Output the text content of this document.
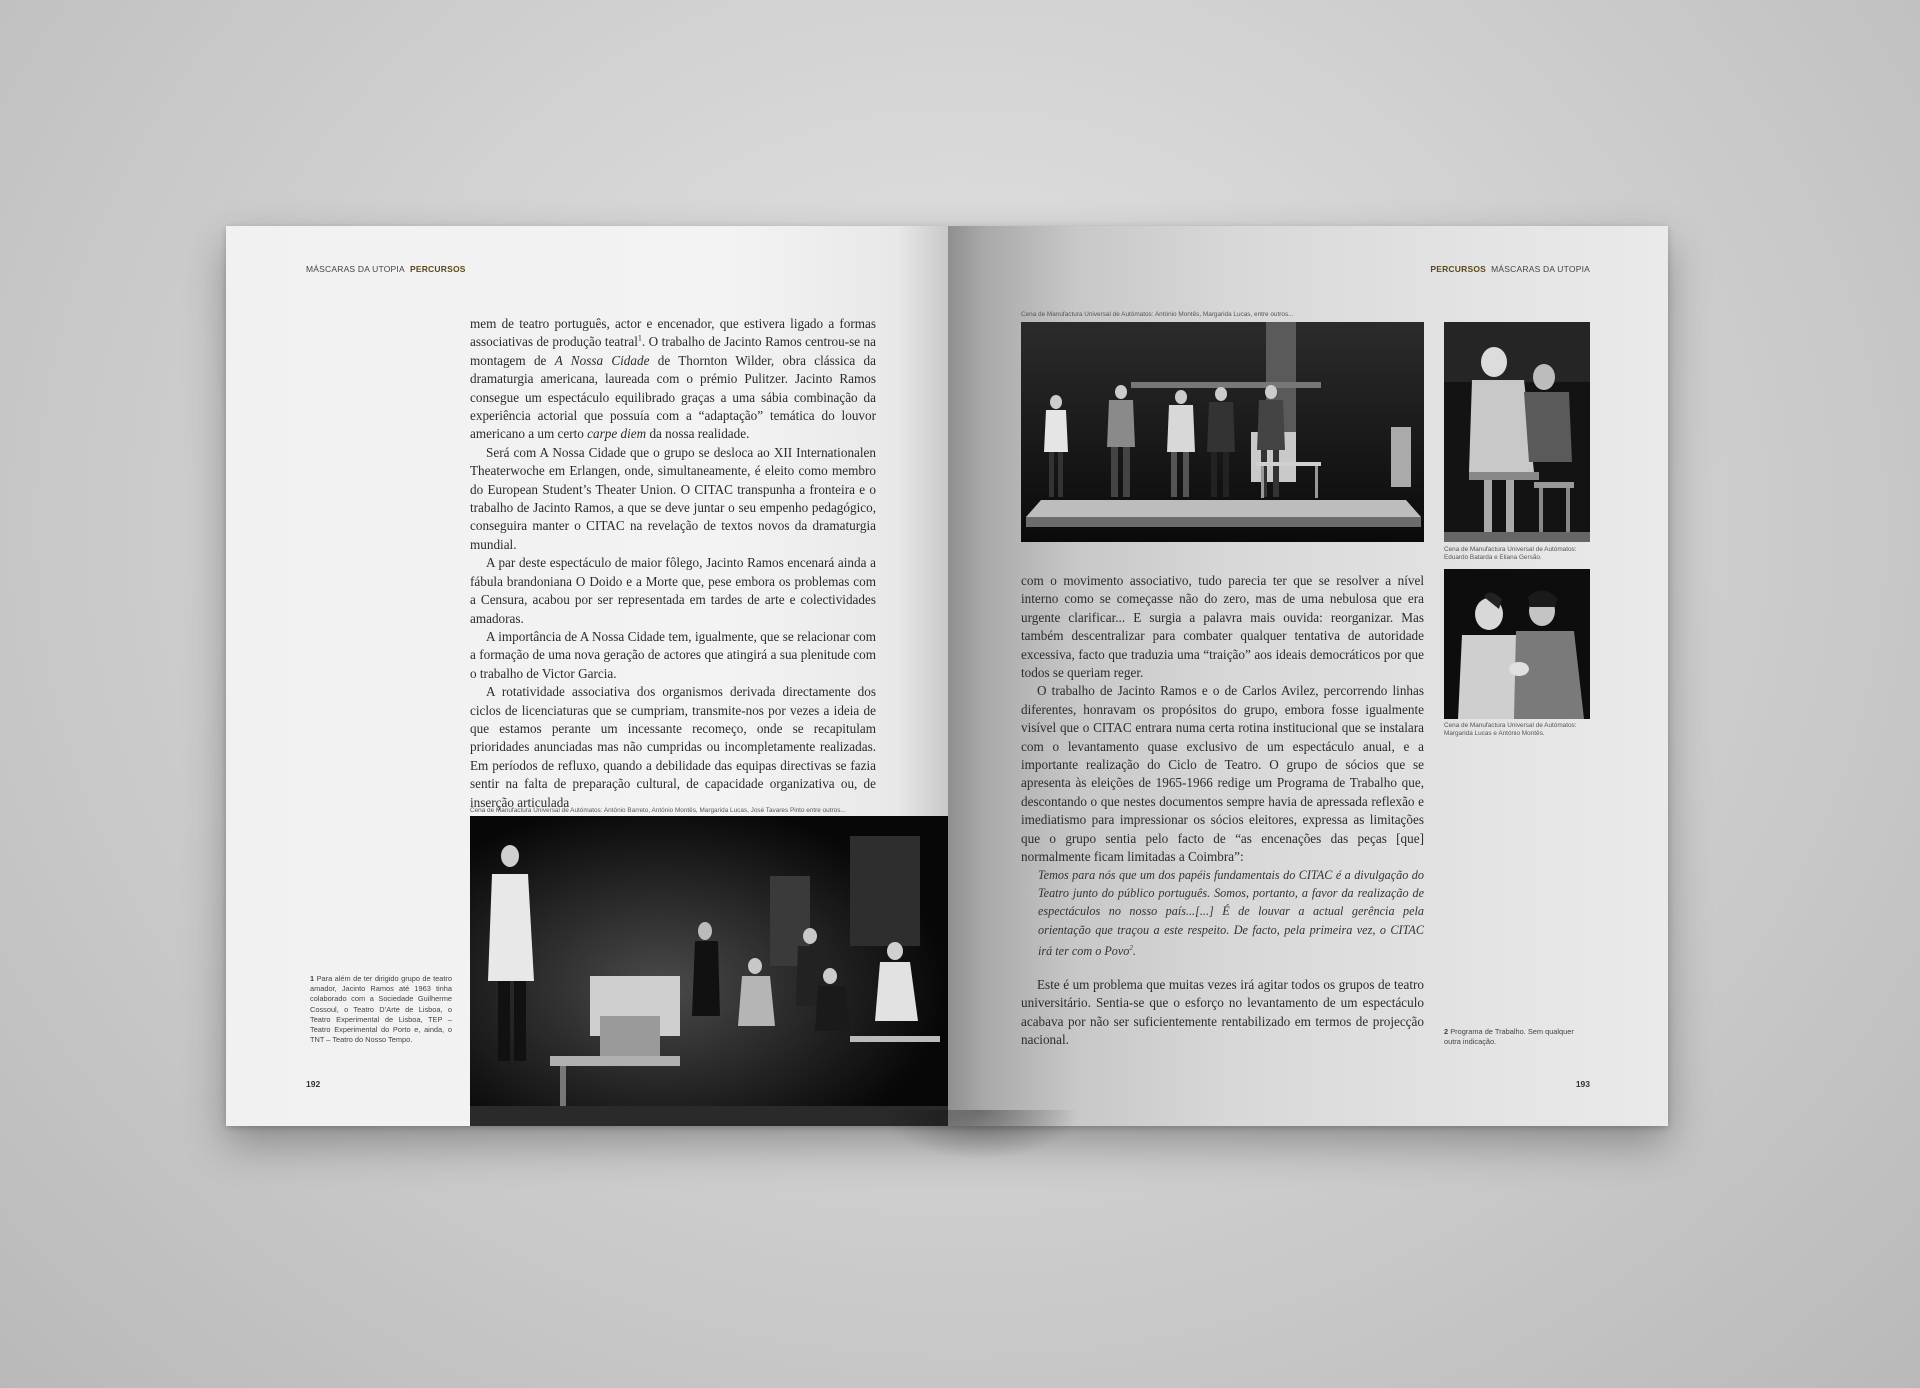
MÁSCARAS DA UTOPIA PERCURSOS

mem de teatro português, actor e encenador, que estivera ligado a formas associativas de produção teatral$^1$. O trabalho de Jacinto Ramos centrou-se na montagem de A Nossa Cidade de Thornton Wilder, obra clássica da dramaturgia americana, laureada com o prémio Pulitzer. Jacinto Ramos consegue um espectáculo equilibrado graças a uma sábia combinação da experiência actorial que possuía com a “adaptação” temática do louvor americano a um certo carpe diem da nossa realidade.

Será com A Nossa Cidade que o grupo se desloca ao XII Internationalen Theaterwoche em Erlangen, onde, simultaneamente, é eleito como membro do European Student’s Theater Union. O CITAC transpunha a fronteira e o trabalho de Jacinto Ramos, a que se deve juntar o seu empenho pedagógico, conseguira manter o CITAC na revelação de textos novos da dramaturgia mundial.

A par deste espectáculo de maior fôlego, Jacinto Ramos encenará ainda a fábula brandoniana O Doido e a Morte que, pese embora os problemas com a Censura, acabou por ser representada em tardes de arte e colectividades amadoras.

A importância de A Nossa Cidade tem, igualmente, que se relacionar com a formação de uma nova geração de actores que atingirá a sua plenitude com o trabalho de Victor Garcia.

A rotatividade associativa dos organismos derivada directamente dos ciclos de licenciaturas que se cumpriam, transmite-nos por vezes a ideia de que estamos perante um incessante recomeço, onde se recapitulam prioridades anunciadas mas não cumpridas ou incompletamente realizadas. Em períodos de refluxo, quando a debilidade das equipas directivas se fazia sentir na falta de preparação cultural, de capacidade organizativa ou, de inserção articulada

Cena de Manufactura Universal de Autómatos: António Barreto, António Montês, Margarida Lucas, José Tavares Pinto entre outros...
1 Para além de ter dirigido grupo de teatro amador, Jacinto Ramos até 1963 tinha colaborado com a Sociedade Guilherme Cossoul, o Teatro D’Arte de Lisboa, o Teatro Experimental de Lisboa, TEP – Teatro Experimental do Porto e, ainda, o TNT – Teatro do Nosso Tempo.
192
PERCURSOS MÁSCARAS DA UTOPIA
Cena de Manufactura Universal de Autómatos: António Montês, Margarida Lucas, entre outros...
Cena de Manufactura Universal de Autómatos: Eduardo Batarda e Eliana Gersão.
Cena de Manufactura Universal de Autómatos: Margarida Lucas e António Montês.

com o movimento associativo, tudo parecia ter que se resolver a nível interno como se começasse não do zero, mas de uma nebulosa que era urgente clarificar... E surgia a palavra mais ouvida: reorganizar. Mas também descentralizar para combater qualquer tentativa de autoridade excessiva, facto que traduzia uma “traição” aos ideais democráticos por que todos se queriam reger.

O trabalho de Jacinto Ramos e o de Carlos Avilez, percorrendo linhas diferentes, honravam os propósitos do grupo, embora fosse igualmente visível que o CITAC entrara numa certa rotina institucional que se instalara com o levantamento quase exclusivo de um espectáculo anual, e a importante realização do Ciclo de Teatro. O grupo de sócios que se apresenta às eleições de 1965-1966 redige um Programa de Trabalho que, descontando o que nestes documentos sempre havia de apressada reflexão e imediatismo para impressionar os sócios eleitores, expressa as limitações que o grupo sentia pelo facto de “as encenações das peças [que] normalmente ficam limitadas a Coimbra”:

Temos para nós que um dos papéis fundamentais do CITAC é a divulgação do Teatro junto do público português. Somos, portanto, a favor da realização de espectáculos no nosso país...[...] É de louvar a actual gerência pela orientação que traçou a este respeito. De facto, pela primeira vez, o CITAC irá ter com o Povo$^2$.

Este é um problema que muitas vezes irá agitar todos os grupos de teatro universitário. Sentia-se que o esforço no levantamento de um espectáculo acabava por não ser suficientemente rentabilizado em termos de projecção nacional.

2 Programa de Trabalho. Sem qualquer outra indicação.
193
